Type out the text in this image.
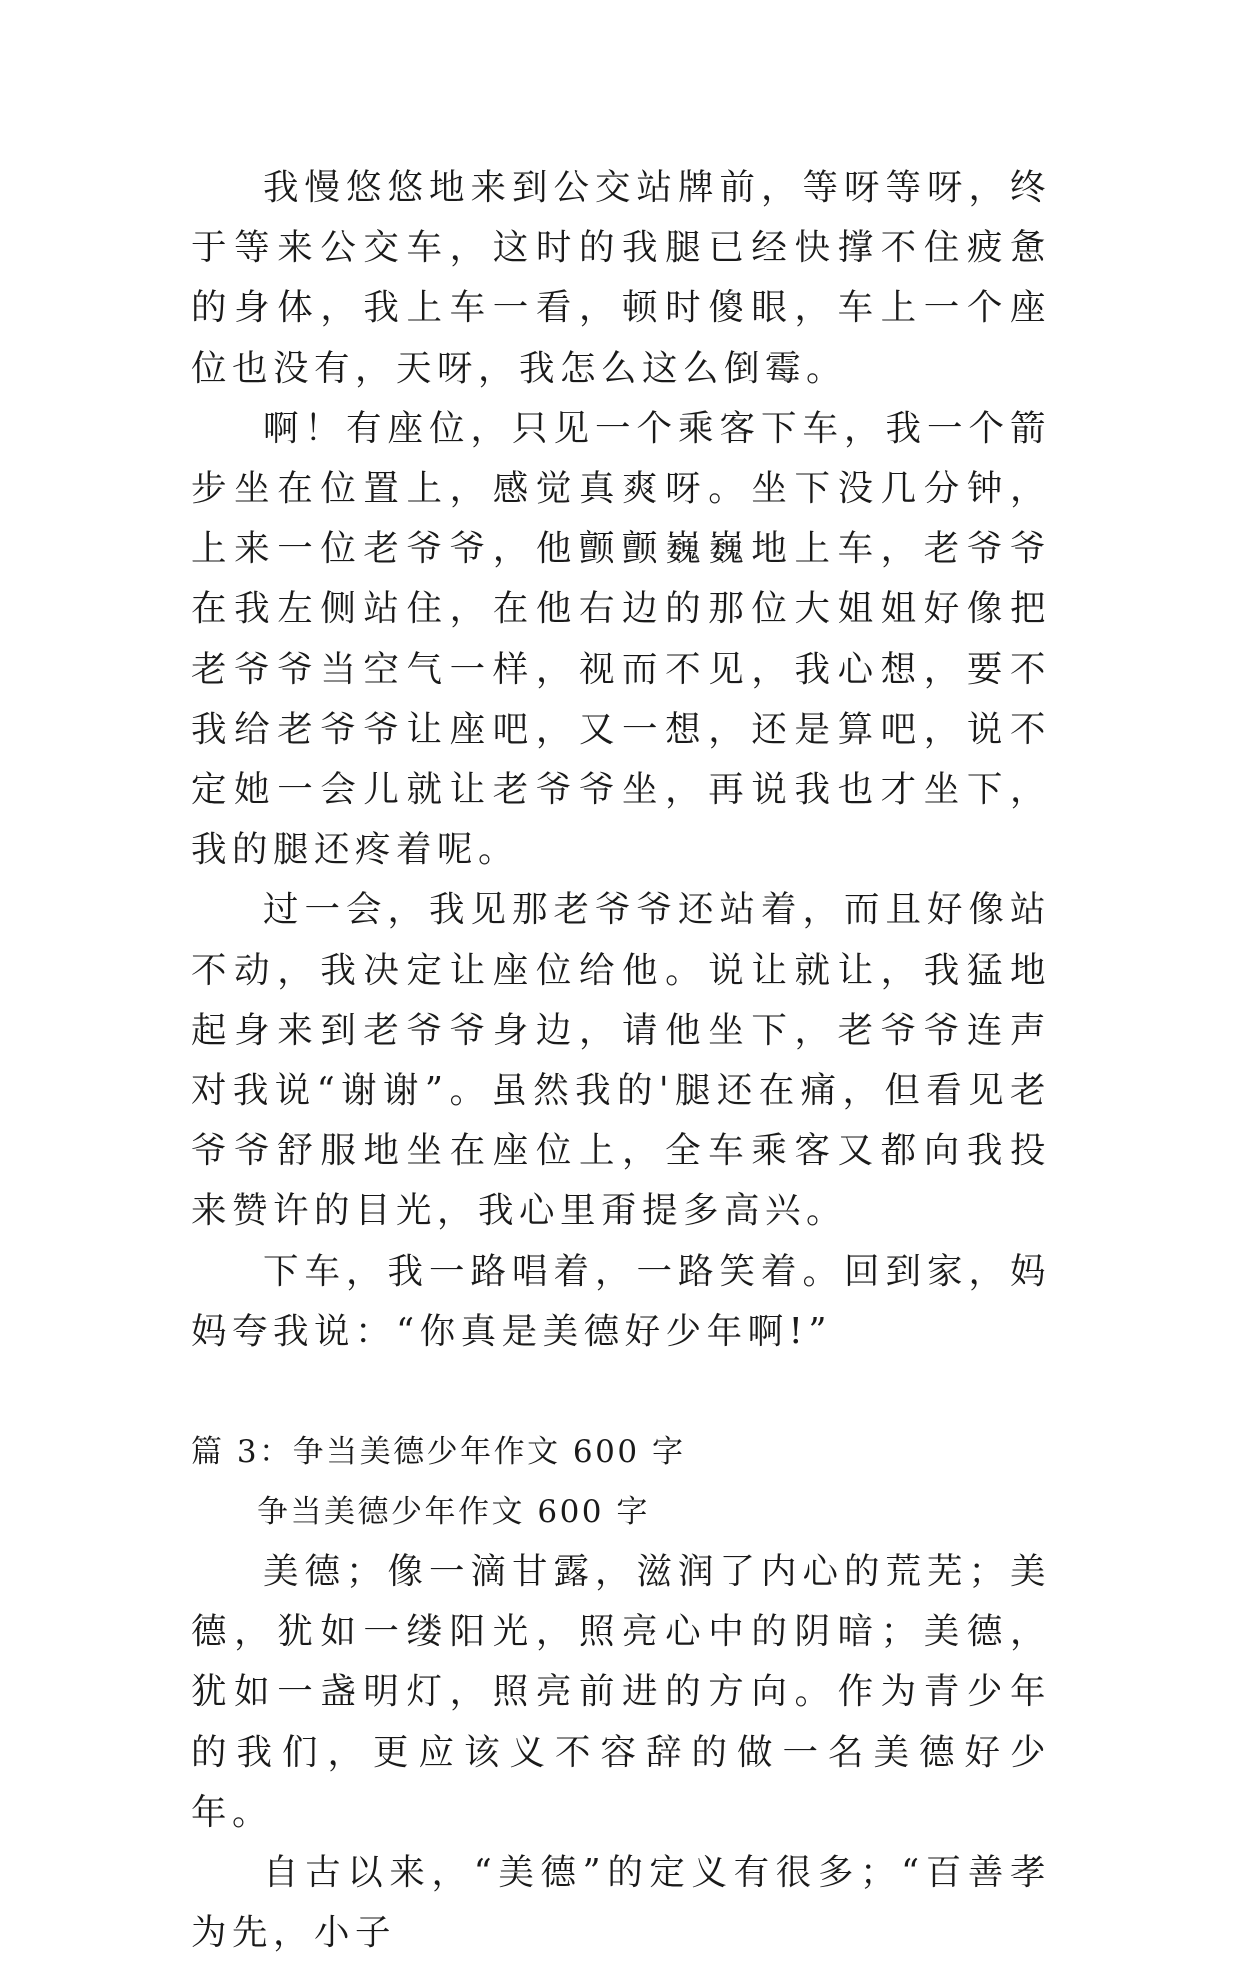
我慢悠悠地来到公交站牌前，等呀等呀，终于等来公交车，这时的我腿已经快撑不住疲惫的身体，我上车一看，顿时傻眼，车上一个座位也没有，天呀，我怎么这么倒霉。

啊！有座位，只见一个乘客下车，我一个箭步坐在位置上，感觉真爽呀。坐下没几分钟，上来一位老爷爷，他颤颤巍巍地上车，老爷爷在我左侧站住，在他右边的那位大姐姐好像把老爷爷当空气一样，视而不见，我心想，要不我给老爷爷让座吧，又一想，还是算吧，说不定她一会儿就让老爷爷坐，再说我也才坐下，我的腿还疼着呢。

过一会，我见那老爷爷还站着，而且好像站不动，我决定让座位给他。说让就让，我猛地起身来到老爷爷身边，请他坐下，老爷爷连声对我说“谢谢”。虽然我的'腿还在痛，但看见老爷爷舒服地坐在座位上，全车乘客又都向我投来赞许的目光，我心里甭提多高兴。

下车，我一路唱着，一路笑着。回到家，妈妈夸我说：“你真是美德好少年啊!”

篇 3：争当美德少年作文 600 字

争当美德少年作文 600 字

美德；像一滴甘露，滋润了内心的荒芜；美德，犹如一缕阳光，照亮心中的阴暗；美德，犹如一盏明灯，照亮前进的方向。作为青少年的我们，更应该义不容辞的做一名美德好少年。

自古以来，“美德”的定义有很多；“百善孝为先，小子
